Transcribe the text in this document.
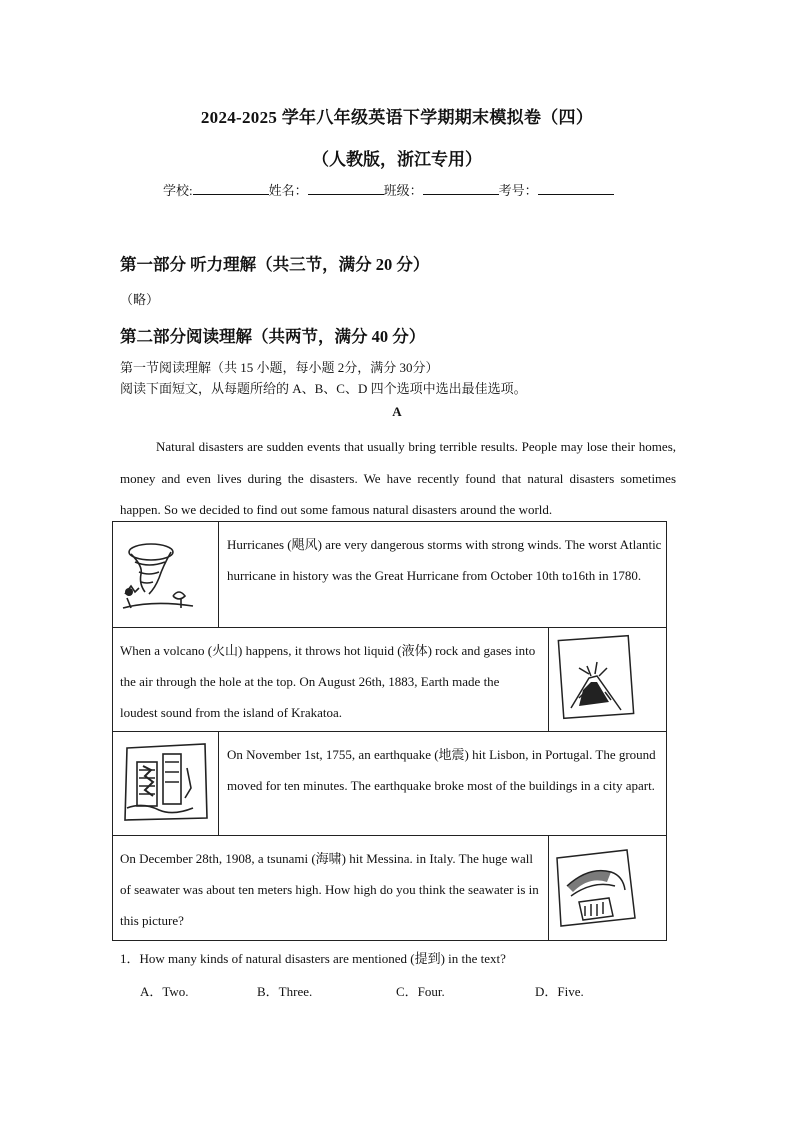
2024-2025 学年八年级英语下学期期末模拟卷（四）
（人教版，浙江专用）
学校:	姓名：	班级：	考号：
第一部分 听力理解（共三节，满分 20 分）
（略）
第二部分阅读理解（共两节，满分 40 分）
第一节阅读理解（共 15 小题，每小题 2分，满分 30分）
阅读下面短文，从每题所给的 A、B、C、D 四个选项中选出最佳选项。
A

Natural disasters are sudden events that usually bring terrible results. People may lose their homes, money and even lives during the disasters. We have recently found that natural disasters sometimes happen. So we decided to find out some famous natural disasters around the world.

Hurricanes (飓风) are very dangerous storms with strong winds. The worst Atlantic hurricane in history was the Great Hurricane from October 10th to16th in 1780.
When a volcano (火山) happens, it throws hot liquid (液体) rock and gases into the air through the hole at the top. On August 26th, 1883, Earth made the loudest sound from the island of Krakatoa.
On November 1st, 1755, an earthquake (地震) hit Lisbon, in Portugal. The ground moved for ten minutes. The earthquake broke most of the buildings in a city apart.
On December 28th, 1908, a tsunami (海啸) hit Messina. in Italy. The huge wall of seawater was about ten meters high. How high do you think the seawater is in this picture?
1．How many kinds of natural disasters are mentioned (提到) in the text?
A．Two.	B．Three.	C．Four.	D．Five.
